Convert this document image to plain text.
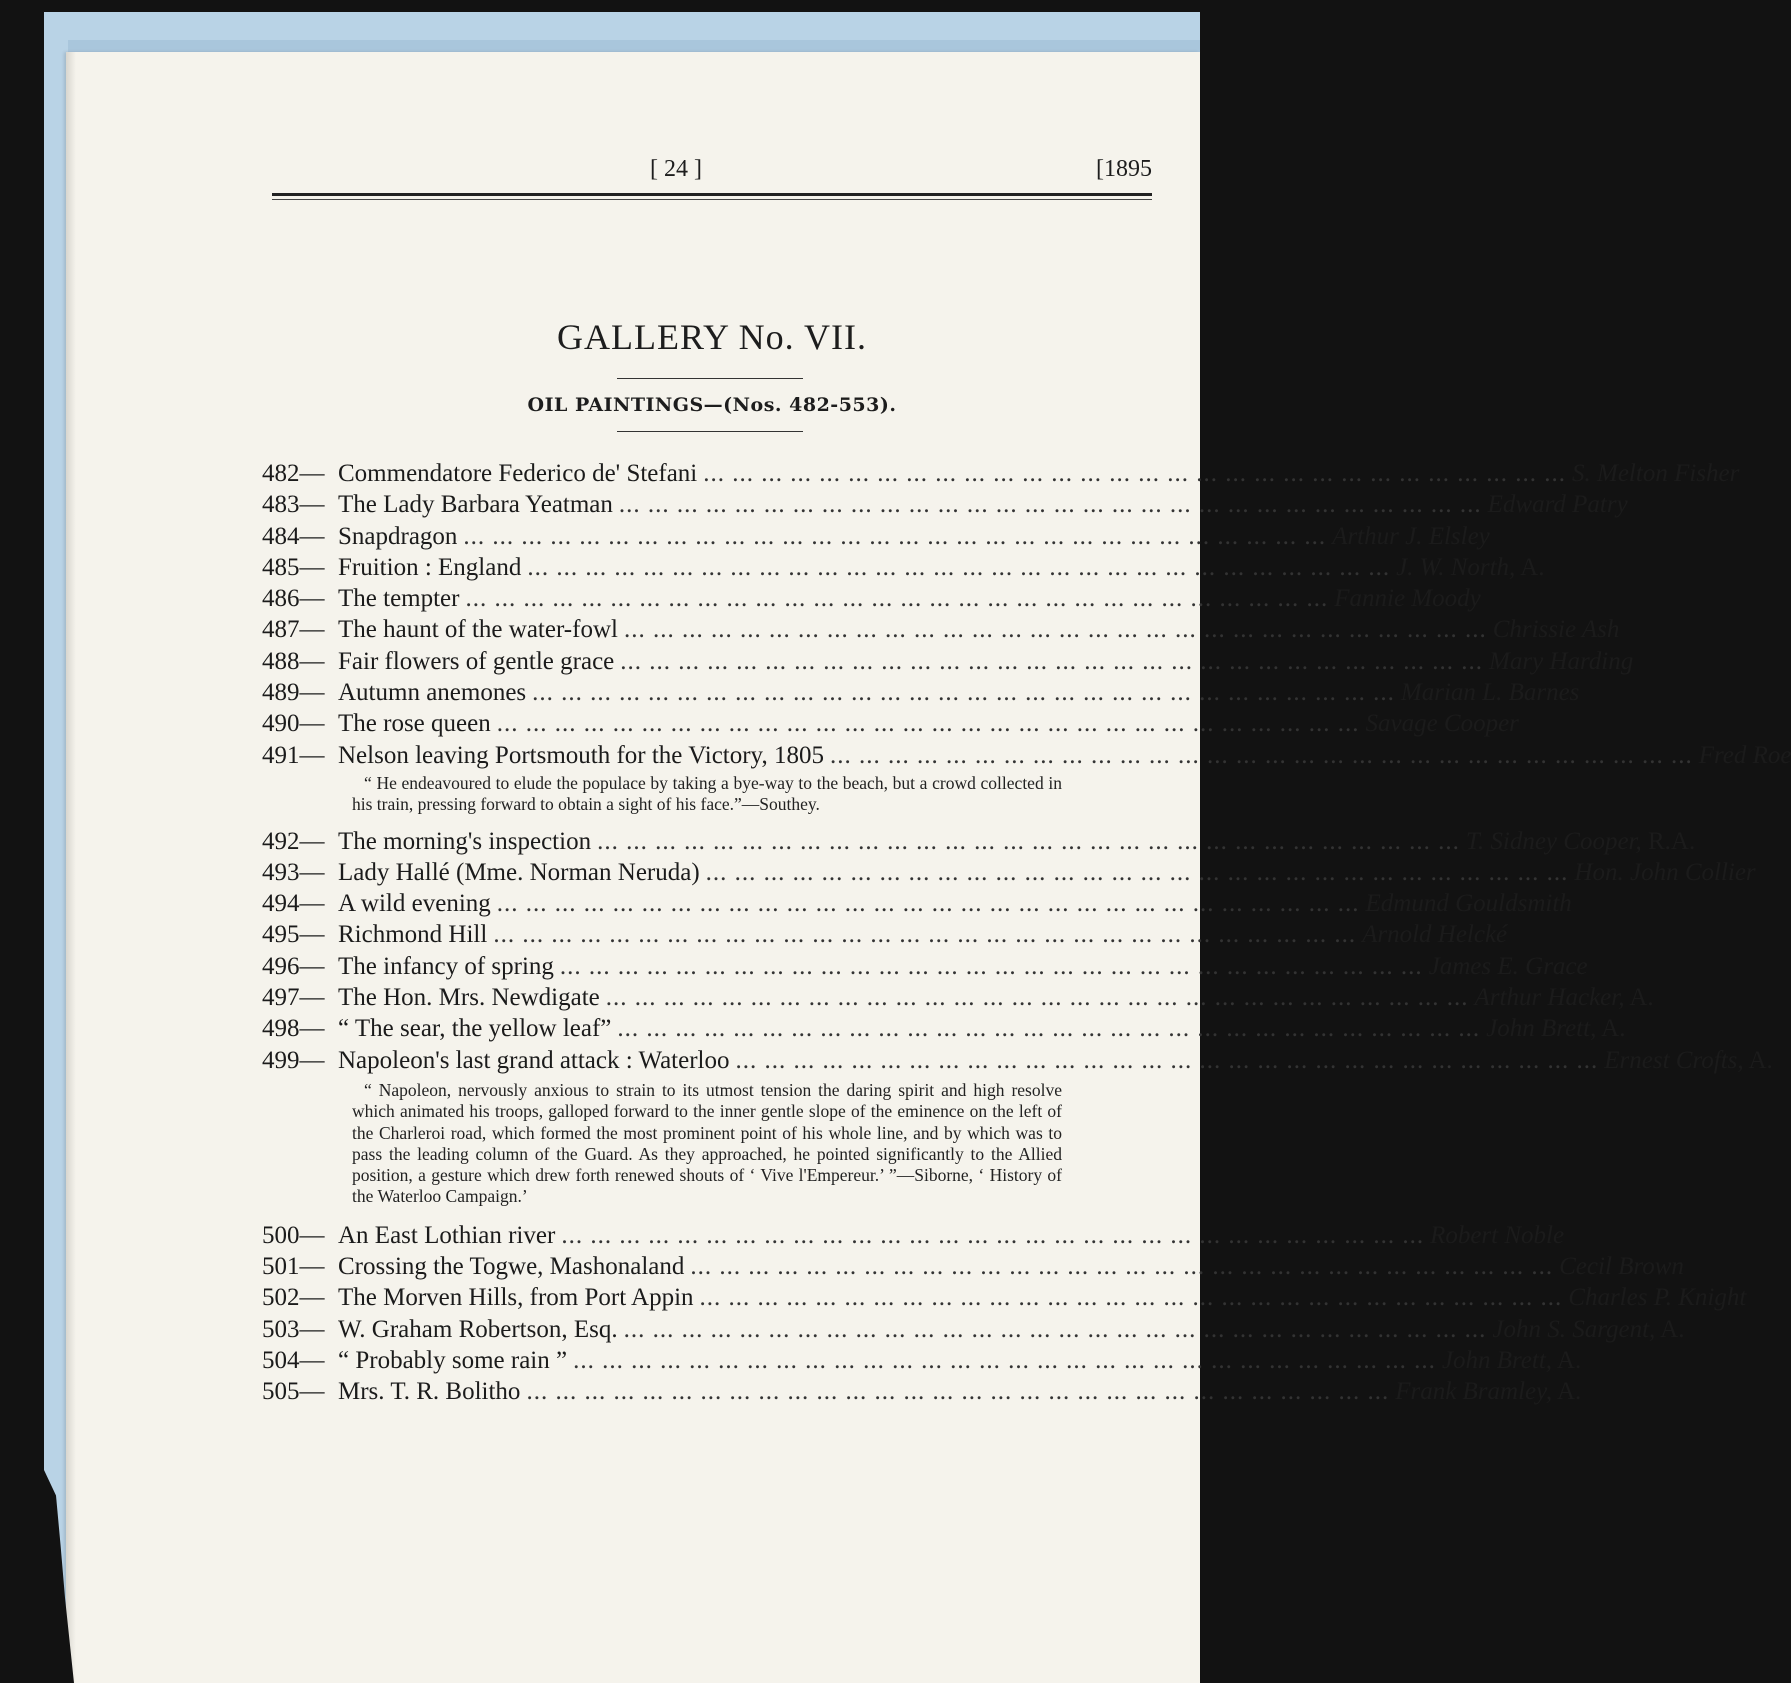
[ 24 ]	[1895
GALLERY No. VII.
OIL PAINTINGS—(Nos. 482-553).
482— Commendatore Federico de' Stefani ... ... ... ... ... ... ... ... ... ... ... ... ... ... ... ... ... ... ... ... ... ... ... ... ... ... ... ... ... ... S. Melton Fisher
483— The Lady Barbara Yeatman ... ... ... ... ... ... ... ... ... ... ... ... ... ... ... ... ... ... ... ... ... ... ... ... ... ... ... ... ... ... Edward Patry
484— Snapdragon ... ... ... ... ... ... ... ... ... ... ... ... ... ... ... ... ... ... ... ... ... ... ... ... ... ... ... ... ... ... Arthur J. Elsley
485— Fruition : England ... ... ... ... ... ... ... ... ... ... ... ... ... ... ... ... ... ... ... ... ... ... ... ... ... ... ... ... ... ... J. W. North, A.
486— The tempter ... ... ... ... ... ... ... ... ... ... ... ... ... ... ... ... ... ... ... ... ... ... ... ... ... ... ... ... ... ... Fannie Moody
487— The haunt of the water-fowl ... ... ... ... ... ... ... ... ... ... ... ... ... ... ... ... ... ... ... ... ... ... ... ... ... ... ... ... ... ... Chrissie Ash
488— Fair flowers of gentle grace ... ... ... ... ... ... ... ... ... ... ... ... ... ... ... ... ... ... ... ... ... ... ... ... ... ... ... ... ... ... Mary Harding
489— Autumn anemones ... ... ... ... ... ... ... ... ... ... ... ... ... ... ... ... ... ... ... ... ... ... ... ... ... ... ... ... ... ... Marian L. Barnes
490— The rose queen ... ... ... ... ... ... ... ... ... ... ... ... ... ... ... ... ... ... ... ... ... ... ... ... ... ... ... ... ... ... Savage Cooper
491— Nelson leaving Portsmouth for the Victory, 1805 ... ... ... ... ... ... ... ... ... ... ... ... ... ... ... ... ... ... ... ... ... ... ... ... ... ... ... ... ... ... Fred Roe
“ He endeavoured to elude the populace by taking a bye-way to the beach, but a crowd collected in his train, pressing forward to obtain a sight of his face.”—Southey.
492— The morning's inspection ... ... ... ... ... ... ... ... ... ... ... ... ... ... ... ... ... ... ... ... ... ... ... ... ... ... ... ... ... ... T. Sidney Cooper, R.A.
493— Lady Hallé (Mme. Norman Neruda) ... ... ... ... ... ... ... ... ... ... ... ... ... ... ... ... ... ... ... ... ... ... ... ... ... ... ... ... ... ... Hon. John Collier
494— A wild evening ... ... ... ... ... ... ... ... ... ... ... ... ... ... ... ... ... ... ... ... ... ... ... ... ... ... ... ... ... ... Edmund Gouldsmith
495— Richmond Hill ... ... ... ... ... ... ... ... ... ... ... ... ... ... ... ... ... ... ... ... ... ... ... ... ... ... ... ... ... ... Arnold Helcké
496— The infancy of spring ... ... ... ... ... ... ... ... ... ... ... ... ... ... ... ... ... ... ... ... ... ... ... ... ... ... ... ... ... ... James E. Grace
497— The Hon. Mrs. Newdigate ... ... ... ... ... ... ... ... ... ... ... ... ... ... ... ... ... ... ... ... ... ... ... ... ... ... ... ... ... ... Arthur Hacker, A.
498— “ The sear, the yellow leaf” ... ... ... ... ... ... ... ... ... ... ... ... ... ... ... ... ... ... ... ... ... ... ... ... ... ... ... ... ... ... John Brett, A.
499— Napoleon's last grand attack : Waterloo ... ... ... ... ... ... ... ... ... ... ... ... ... ... ... ... ... ... ... ... ... ... ... ... ... ... ... ... ... ... Ernest Crofts, A.
“ Napoleon, nervously anxious to strain to its utmost tension the daring spirit and high resolve which animated his troops, galloped forward to the inner gentle slope of the eminence on the left of the Charleroi road, which formed the most prominent point of his whole line, and by which was to pass the leading column of the Guard. As they approached, he pointed significantly to the Allied position, a gesture which drew forth renewed shouts of ‘ Vive l'Empereur.’ ”—Siborne, ‘ History of the Waterloo Campaign.’
500— An East Lothian river ... ... ... ... ... ... ... ... ... ... ... ... ... ... ... ... ... ... ... ... ... ... ... ... ... ... ... ... ... ... Robert Noble
501— Crossing the Togwe, Mashonaland ... ... ... ... ... ... ... ... ... ... ... ... ... ... ... ... ... ... ... ... ... ... ... ... ... ... ... ... ... ... Cecil Brown
502— The Morven Hills, from Port Appin ... ... ... ... ... ... ... ... ... ... ... ... ... ... ... ... ... ... ... ... ... ... ... ... ... ... ... ... ... ... Charles P. Knight
503— W. Graham Robertson, Esq. ... ... ... ... ... ... ... ... ... ... ... ... ... ... ... ... ... ... ... ... ... ... ... ... ... ... ... ... ... ... John S. Sargent, A.
504— “ Probably some rain ” ... ... ... ... ... ... ... ... ... ... ... ... ... ... ... ... ... ... ... ... ... ... ... ... ... ... ... ... ... ... John Brett, A.
505— Mrs. T. R. Bolitho ... ... ... ... ... ... ... ... ... ... ... ... ... ... ... ... ... ... ... ... ... ... ... ... ... ... ... ... ... ... Frank Bramley, A.
